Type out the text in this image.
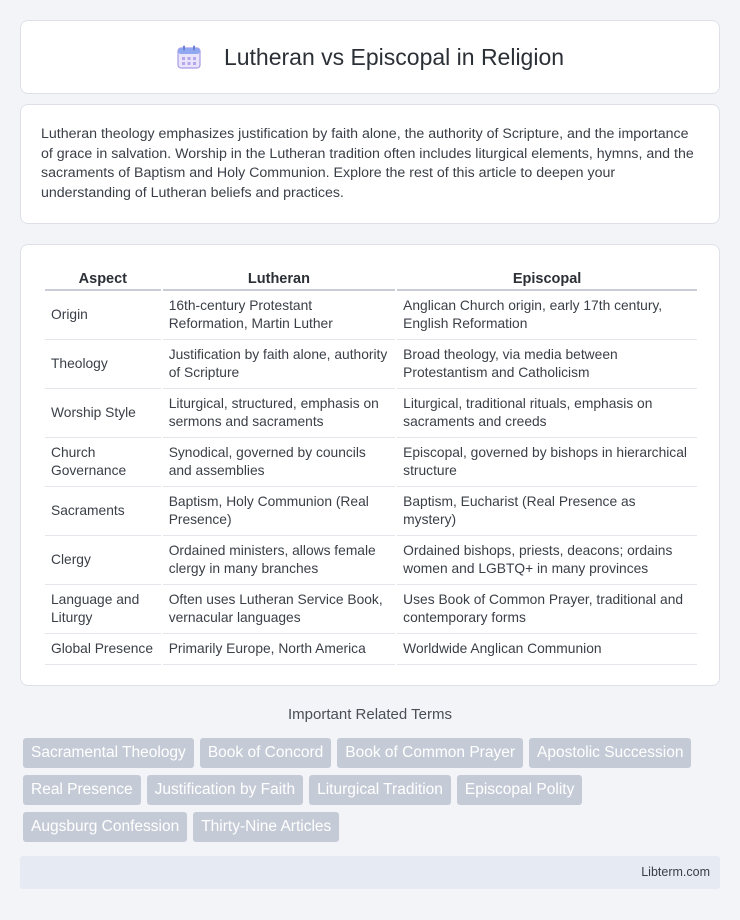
Lutheran vs Episcopal in Religion

Lutheran theology emphasizes justification by faith alone, the authority of Scripture, and the importance of grace in salvation. Worship in the Lutheran tradition often includes liturgical elements, hymns, and the sacraments of Baptism and Holy Communion. Explore the rest of this article to deepen your understanding of Lutheran beliefs and practices.

Aspect	Lutheran	Episcopal
Origin	16th-century Protestant Reformation, Martin Luther	Anglican Church origin, early 17th century, English Reformation
Theology	Justification by faith alone, authority of Scripture	Broad theology, via media between Protestantism and Catholicism
Worship Style	Liturgical, structured, emphasis on sermons and sacraments	Liturgical, traditional rituals, emphasis on sacraments and creeds
Church Governance	Synodical, governed by councils and assemblies	Episcopal, governed by bishops in hierarchical structure
Sacraments	Baptism, Holy Communion (Real Presence)	Baptism, Eucharist (Real Presence as mystery)
Clergy	Ordained ministers, allows female clergy in many branches	Ordained bishops, priests, deacons; ordains women and LGBTQ+ in many provinces
Language and Liturgy	Often uses Lutheran Service Book, vernacular languages	Uses Book of Common Prayer, traditional and contemporary forms
Global Presence	Primarily Europe, North America	Worldwide Anglican Communion
Important Related Terms
Sacramental Theology	Book of Concord	Book of Common Prayer	Apostolic Succession
Real Presence	Justification by Faith	Liturgical Tradition	Episcopal Polity
Augsburg Confession	Thirty-Nine Articles
Libterm.com
